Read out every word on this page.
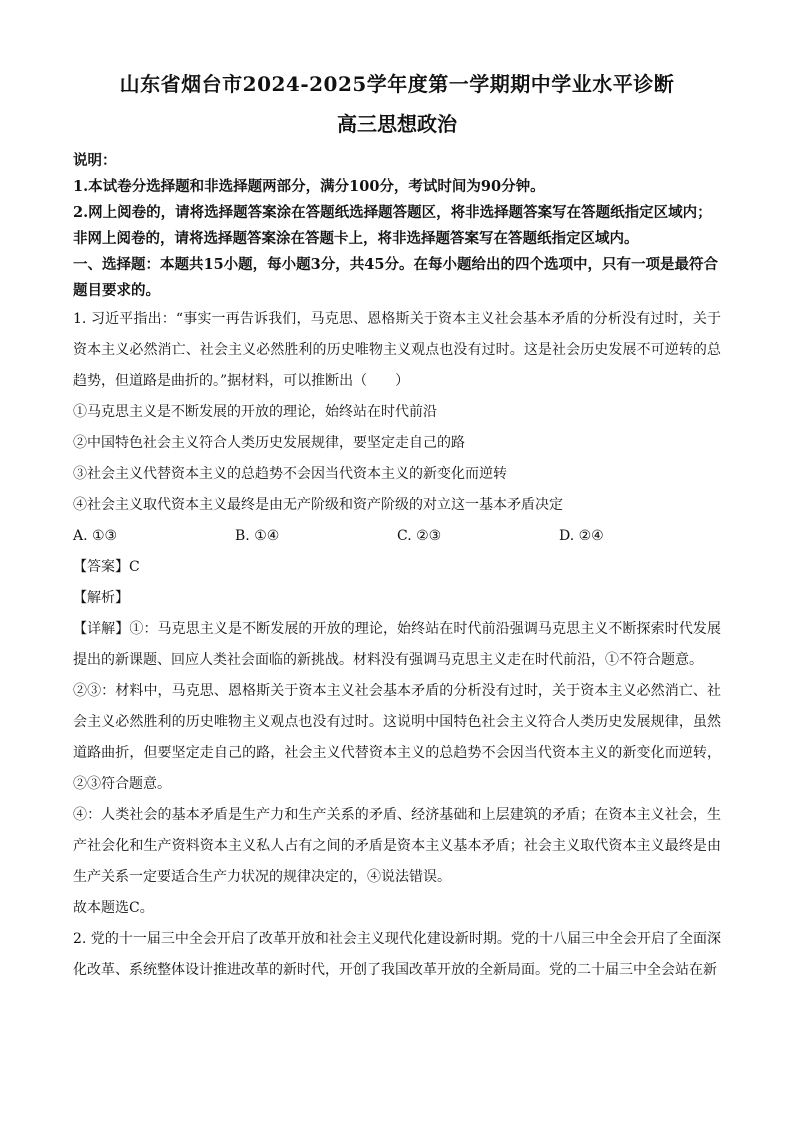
山东省烟台市2024-2025学年度第一学期期中学业水平诊断
高三思想政治

说明：

1.本试卷分选择题和非选择题两部分，满分100分，考试时间为90分钟。

2.网上阅卷的，请将选择题答案涂在答题纸选择题答题区，将非选择题答案写在答题纸指定区域内；非网上阅卷的，请将选择题答案涂在答题卡上，将非选择题答案写在答题纸指定区域内。

一、选择题：本题共15小题，每小题3分，共45分。在每小题给出的四个选项中，只有一项是最符合题目要求的。

1. 习近平指出：“事实一再告诉我们，马克思、恩格斯关于资本主义社会基本矛盾的分析没有过时，关于资本主义必然消亡、社会主义必然胜利的历史唯物主义观点也没有过时。这是社会历史发展不可逆转的总趋势，但道路是曲折的。”据材料，可以推断出（　　）

①马克思主义是不断发展的开放的理论，始终站在时代前沿

②中国特色社会主义符合人类历史发展规律，要坚定走自己的路

③社会主义代替资本主义的总趋势不会因当代资本主义的新变化而逆转

④社会主义取代资本主义最终是由无产阶级和资产阶级的对立这一基本矛盾决定

A. ①③	B. ①④	C. ②③	D. ②④

【答案】C

【解析】

【详解】①：马克思主义是不断发展的开放的理论，始终站在时代前沿强调马克思主义不断探索时代发展提出的新课题、回应人类社会面临的新挑战。材料没有强调马克思主义走在时代前沿，①不符合题意。

②③：材料中，马克思、恩格斯关于资本主义社会基本矛盾的分析没有过时，关于资本主义必然消亡、社会主义必然胜利的历史唯物主义观点也没有过时。这说明中国特色社会主义符合人类历史发展规律，虽然道路曲折，但要坚定走自己的路，社会主义代替资本主义的总趋势不会因当代资本主义的新变化而逆转，②③符合题意。

④：人类社会的基本矛盾是生产力和生产关系的矛盾、经济基础和上层建筑的矛盾；在资本主义社会，生产社会化和生产资料资本主义私人占有之间的矛盾是资本主义基本矛盾；社会主义取代资本主义最终是由生产关系一定要适合生产力状况的规律决定的，④说法错误。

故本题选C。

2. 党的十一届三中全会开启了改革开放和社会主义现代化建设新时期。党的十八届三中全会开启了全面深化改革、系统整体设计推进改革的新时代，开创了我国改革开放的全新局面。党的二十届三中全会站在新
